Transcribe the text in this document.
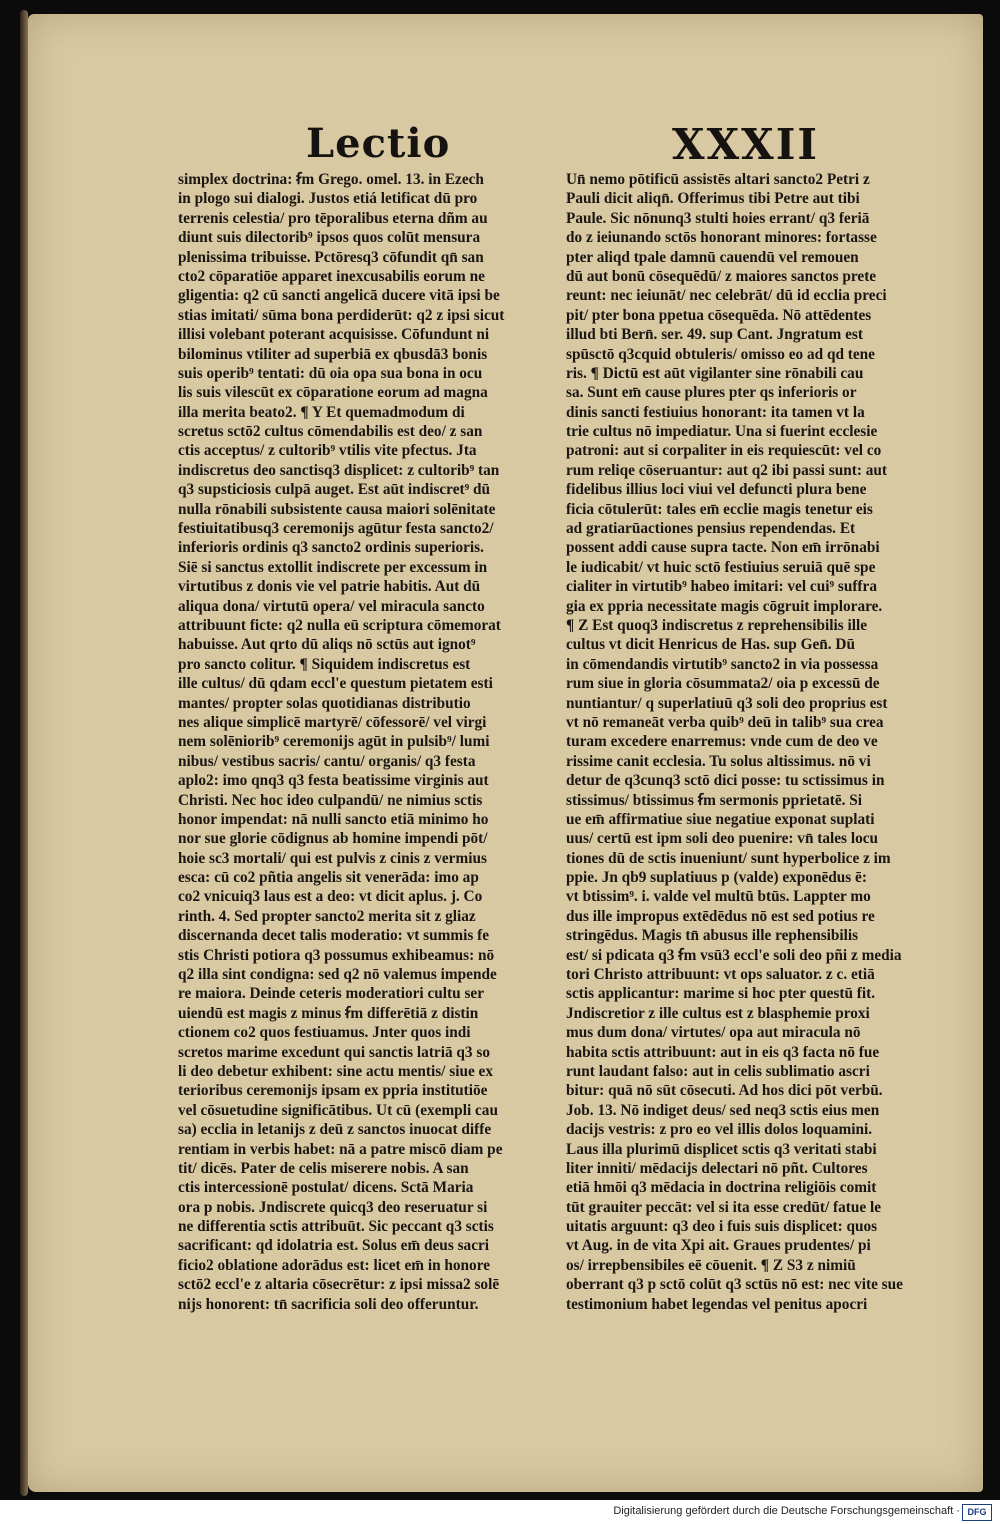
Lectio	XXXII
simplex doctrina: ẜm Grego. omel. 13. in Ezech
in plogo sui dialogi. Justos etiá letificat dū pro
terrenis celestia/ pro tēporalibus eterna dñm au
diunt suis dilectorib⁹ ipsos quos colūt mensura
plenissima tribuisse. Pctōresq3 cōfundit qn̄ san
cto2 cōparatiōe apparet inexcusabilis eorum ne
gligentia: q2 cū sancti angelicā ducere vitā ipsi be
stias imitati/ sūma bona perdiderūt: q2 z ipsi sicut
illisi volebant poterant acquisisse. Cōfundunt ni
bilominus vtiliter ad superbiā ex qbusdā3 bonis
suis operib⁹ tentati: dū oia opa sua bona in ocu
lis suis vilescūt ex cōparatione eorum ad magna
illa merita beato2. ¶ Y Et quemadmodum di
scretus sctō2 cultus cōmendabilis est deo/ z san
ctis acceptus/ z cultorib⁹ vtilis vite pfectus. Jta
indiscretus deo sanctisq3 displicet: z cultorib⁹ tan
q3 supsticiosis culpā auget. Est aūt indiscret⁹ dū
nulla rōnabili subsistente causa maiori solēnitate
festiuitatibusq3 ceremonijs agūtur festa sancto2/
inferioris ordinis q3 sancto2 ordinis superioris.
Siē si sanctus extollit indiscrete per excessum in
virtutibus z donis vie vel patrie habitis. Aut dū
aliqua dona/ virtutū opera/ vel miracula sancto
attribuunt ficte: q2 nulla eū scriptura cōmemorat
habuisse. Aut qrto dū aliqs nō sctūs aut ignot⁹
pro sancto colitur. ¶ Siquidem indiscretus est
ille cultus/ dū qdam eccl'e questum pietatem esti
mantes/ propter solas quotidianas distributio
nes alique simplicē martyrē/ cōfessorē/ vel virgi
nem solēniorib⁹ ceremonijs agūt in pulsib⁹/ lumi
nibus/ vestibus sacris/ cantu/ organis/ q3 festa
aplo2: imo qnq3 q3 festa beatissime virginis aut
Christi. Nec hoc ideo culpandū/ ne nimius sctis
honor impendat: nā nulli sancto etiā minimo ho
nor sue glorie cōdignus ab homine impendi pōt/
hoie sc3 mortali/ qui est pulvis z cinis z vermius
esca: cū co2 pñtia angelis sit venerāda: imo ap
co2 vnicuiq3 laus est a deo: vt dicit aplus. j. Co
rinth. 4. Sed propter sancto2 merita sit z gliaz
discernanda decet talis moderatio: vt summis fe
stis Christi potiora q3 possumus exhibeamus: nō
q2 illa sint condigna: sed q2 nō valemus impende
re maiora. Deinde ceteris moderatiori cultu ser
uiendū est magis z minus ẜm differētiā z distin
ctionem co2 quos festiuamus. Jnter quos indi
scretos marime excedunt qui sanctis latriā q3 so
li deo debetur exhibent: sine actu mentis/ siue ex
terioribus ceremonijs ipsam ex ppria institutiōe
vel cōsuetudine significātibus. Ut cū (exempli cau
sa) ecclia in letanijs z deū z sanctos inuocat diffe
rentiam in verbis habet: nā a patre miscō diam pe
tit/ dicēs. Pater de celis miserere nobis. A san
ctis intercessionē postulat/ dicens. Sctā Maria
ora p nobis. Jndiscrete quicq3 deo reseruatur si
ne differentia sctis attribuūt. Sic peccant q3 sctis
sacrificant: qd idolatria est. Solus em̄ deus sacri
ficio2 oblatione adorādus est: licet em̄ in honore
sctō2 eccl'e z altaria cōsecrētur: z ipsi missa2 solē
nijs honorent: tn̄ sacrificia soli deo offeruntur.
Un̄ nemo pōtificū assistēs altari sancto2 Petri z
Pauli dicit aliqn̄. Offerimus tibi Petre aut tibi
Paule. Sic nōnunq3 stulti hoies errant/ q3 feriā
do z ieiunando sctōs honorant minores: fortasse
pter aliqd tpale damnū cauendū vel remouen
dū aut bonū cōsequēdū/ z maiores sanctos prete
reunt: nec ieiunāt/ nec celebrāt/ dū id ecclia preci
pit/ pter bona ppetua cōsequēda. Nō attēdentes
illud bti Bern̄. ser. 49. sup Cant. Jngratum est
spūsctō q3cquid obtuleris/ omisso eo ad qd tene
ris. ¶ Dictū est aūt vigilanter sine rōnabili cau
sa. Sunt em̄ cause plures pter qs inferioris or
dinis sancti festiuius honorant: ita tamen vt la
trie cultus nō impediatur. Una si fuerint ecclesie
patroni: aut si corpaliter in eis requiescūt: vel co
rum reliqe cōseruantur: aut q2 ibi passi sunt: aut
fidelibus illius loci viui vel defuncti plura bene
ficia cōtulerūt: tales em̄ ecclie magis tenetur eis
ad gratiarūactiones pensius rependendas. Et
possent addi cause supra tacte. Non em̄ irrōnabi
le iudicabit/ vt huic sctō festiuius seruiā quē spe
cialiter in virtutib⁹ habeo imitari: vel cui⁹ suffra
gia ex ppria necessitate magis cōgruit implorare.
¶ Z Est quoq3 indiscretus z reprehensibilis ille
cultus vt dicit Henricus de Has. sup Gen̄. Dū
in cōmendandis virtutib⁹ sancto2 in via possessa
rum siue in gloria cōsummata2/ oia p excessū de
nuntiantur/ q superlatiuū q3 soli deo proprius est
vt nō remaneāt verba quib⁹ deū in talib⁹ sua crea
turam excedere enarremus: vnde cum de deo ve
rissime canit ecclesia. Tu solus altissimus. nō vi
detur de q3cunq3 sctō dici posse: tu sctissimus in
stissimus/ btissimus ẜm sermonis pprietatē. Si
ue em̄ affirmatiue siue negatiue exponat suplati
uus/ certū est ipm soli deo puenire: vn̄ tales locu
tiones dū de sctis inueniunt/ sunt hyperbolice z im
ppie. Jn qb9 suplatiuus p (valde) exponēdus ē:
vt btissim⁹. i. valde vel multū btūs. Lappter mo
dus ille impropus extēdēdus nō est sed potius re
stringēdus. Magis tn̄ abusus ille rephensibilis
est/ si pdicata q3 ẜm vsū3 eccl'e soli deo pñi z media
tori Christo attribuunt: vt ops saluator. z c. etiā
sctis applicantur: marime si hoc pter questū fit.
Jndiscretior z ille cultus est z blasphemie proxi
mus dum dona/ virtutes/ opa aut miracula nō
habita sctis attribuunt: aut in eis q3 facta nō fue
runt laudant falso: aut in celis sublimatio ascri
bitur: quā nō sūt cōsecuti. Ad hos dici pōt verbū.
Job. 13. Nō indiget deus/ sed neq3 sctis eius men
dacijs vestris: z pro eo vel illis dolos loquamini.
Laus illa plurimū displicet sctis q3 veritati stabi
liter inniti/ mēdacijs delectari nō pñt. Cultores
etiā hmōi q3 mēdacia in doctrina religiōis comit
tūt grauiter peccāt: vel si ita esse credūt/ fatue le
uitatis arguunt: q3 deo i fuis suis displicet: quos
vt Aug. in de vita Xpi ait. Graues prudentes/ pi
os/ irrepbensibiles eē cōuenit. ¶ Z S3 z nimiū
oberrant q3 p sctō colūt q3 sctūs nō est: nec vite sue
testimonium habet legendas vel penitus apocri
Digitalisierung gefördert durch die Deutsche Forschungsgemeinschaft · DFG
